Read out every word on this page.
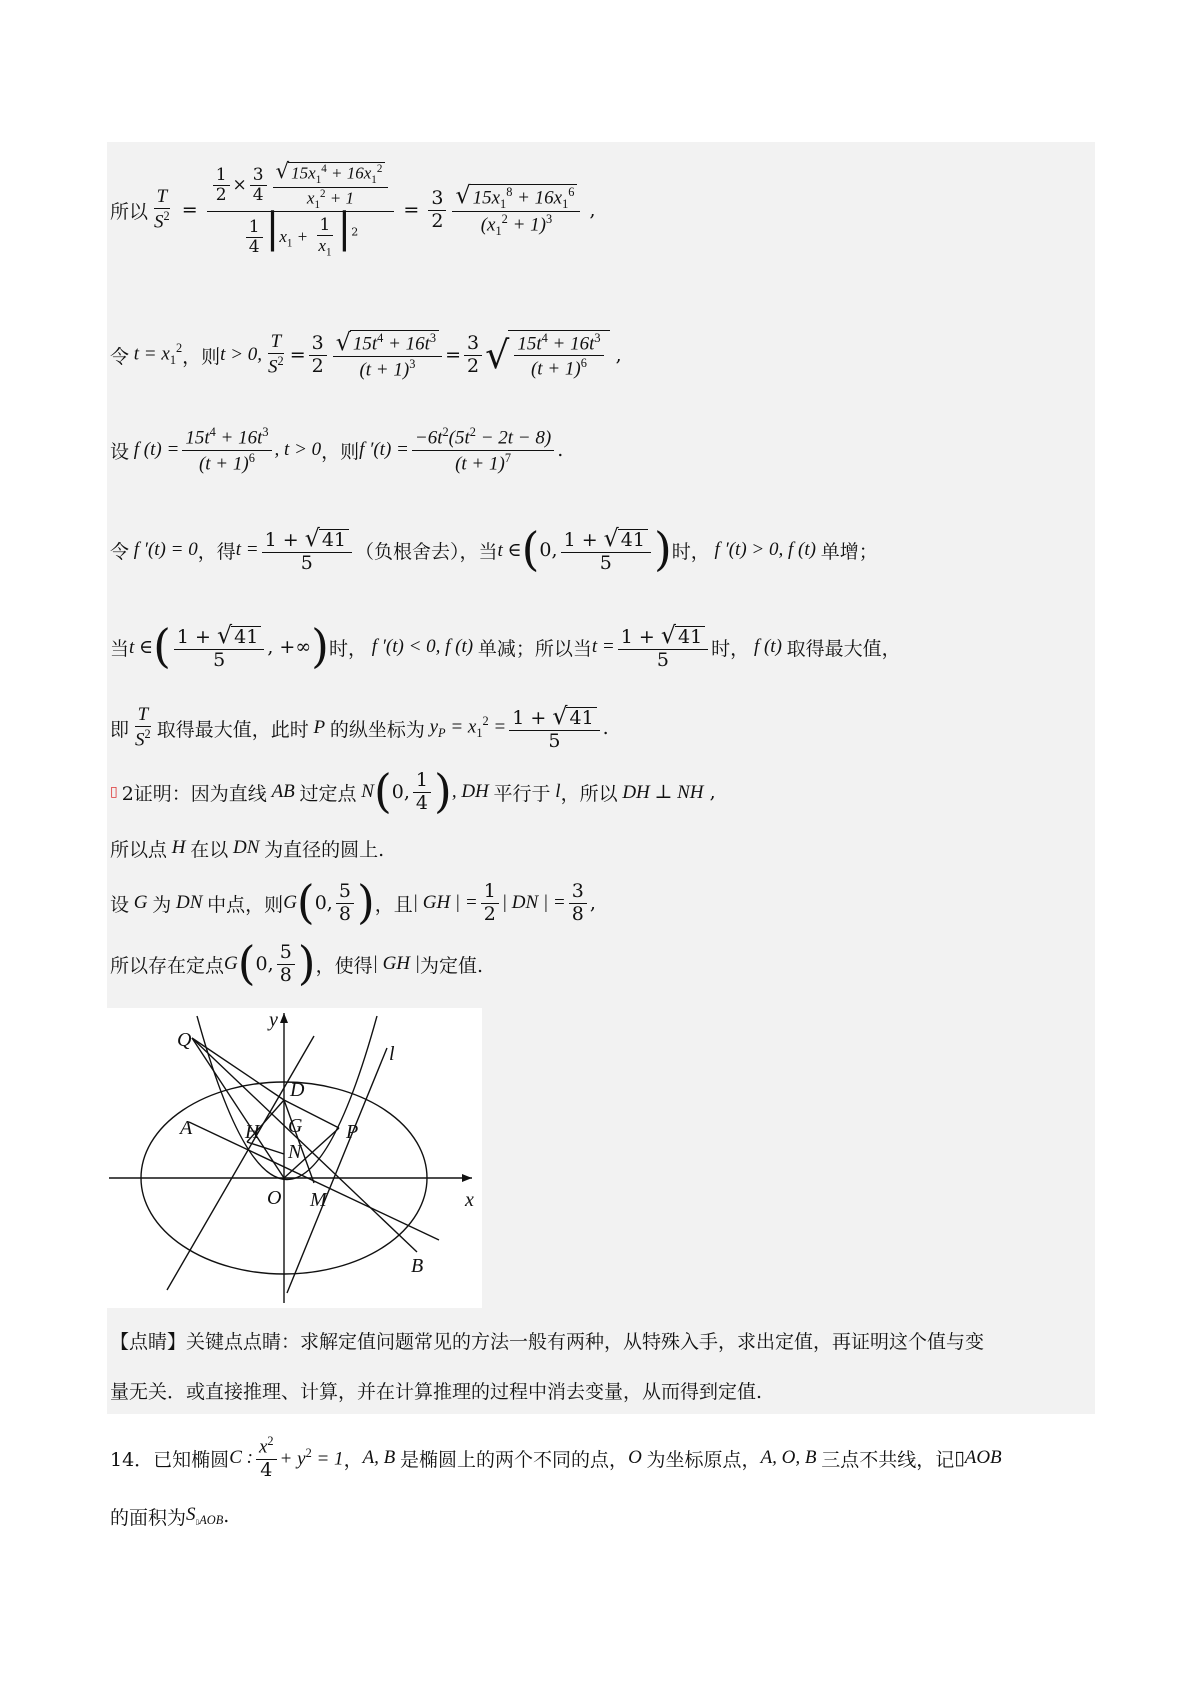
所以 $\frac{T}{S^2} = \frac{\frac{1}{2} \times \frac{3}{4} \frac{√ 15x_1^4 + 16x_1^2}{x_1^2 + 1}}{\frac{1}{4} |x_1 + \frac{1}{x_1} |^2} = \frac{3}{2} \frac{√ 15x_1^8 + 16x_1^6}{(x_1^2 + 1)^3}$ ,
令 $t = x_1^2$ ，则 t > 0, $\frac{T}{S^2} = \frac{3}{2} \frac{√ 15t^4 + 16t^3}{(t + 1)^3} = \frac{3}{2}$ √ $\frac{15t^4 + 16t^3}{(t + 1)^6}$ ,
设 f $(t) = \frac{15t^4 + 16t^3}{(t + 1)^6}$ , t > 0 ，则 f $'(t) = \frac{-6t^2(5t^2 - 2t - 8)}{(t + 1)^7}$ .
令 f ′(t) = 0 ，得 $t = \frac{1 + √ 41}{5}$ （负根舍去），当 t ∈ ( 0, $\frac{1 + √ 41}{5}$ ) 时， f ′(t) > 0, f (t) 单增；
当 t ∈ ( $\frac{1 + √ 41}{5}$ , +∞ ) 时， f ′(t) < 0, f (t) 单减；所以当 $t = \frac{1 + √ 41}{5}$ 时， f (t) 取得最大值，
即 $\frac{T}{S^2}$ 取得最大值，此时 P 的纵坐标为 $y_P = x_1^2 = \frac{1 + √ 41}{5}$ .
▯ 2证明：因为直线 AB 过定点 N ( 0, $\frac{1}{4}$ ) , DH 平行于 l ，所以 DH ⊥ NH ,
所以点 H 在以 DN 为直径的圆上.
设 G 为 DN 中点，则 G ( 0, $\frac{5}{8}$ ) ，且 | GH | = $\frac{1}{2}$ | DN | = $\frac{3}{8}$ ,
所以存在定点 G ( 0, $\frac{5}{8}$ ) ，使得 | GH | 为定值.
y
x
Q
D
l
A	H G P
N
O M
B
【点睛】关键点点睛：求解定值问题常见的方法一般有两种，从特殊入手，求出定值，再证明这个值与变
量无关．或直接推理、计算，并在计算推理的过程中消去变量，从而得到定值.
14．已知椭圆 C : $\frac{x^2}{4} + y^2 = 1$ ， A, B 是椭圆上的两个不同的点， O 为坐标原点， A, O, B 三点不共线，记 ▯ AOB
的面积为 $S_{▯AOB}$ .
